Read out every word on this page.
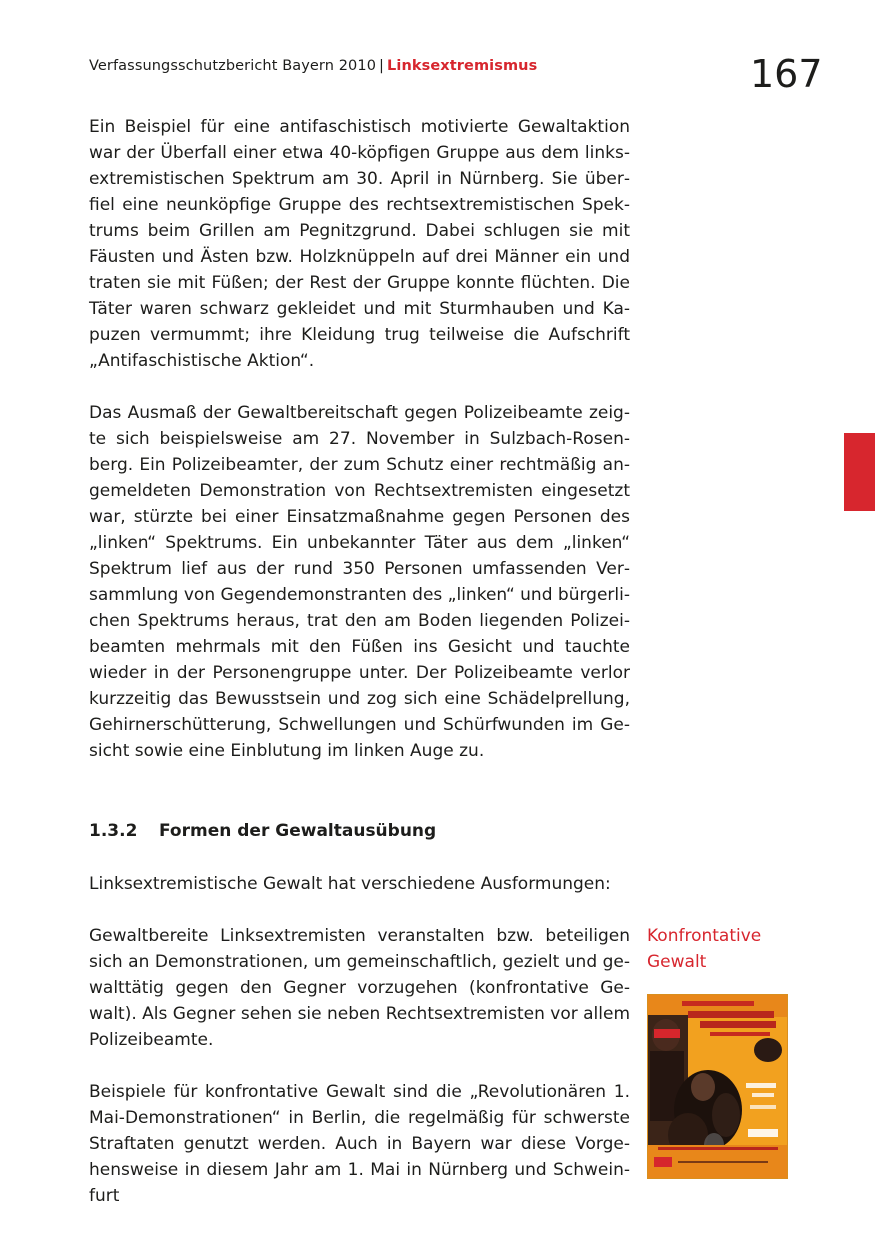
Verfassungsschutzbericht Bayern 2010 | Linksextremismus	167

Ein Beispiel für eine antifaschistisch motivierte Gewaltaktion war der Überfall einer etwa 40-köpfigen Gruppe aus dem linksextremistischen Spektrum am 30. April in Nürnberg. Sie überfiel eine neunköpfige Gruppe des rechtsextremistischen Spektrums beim Grillen am Pegnitzgrund. Dabei schlugen sie mit Fäusten und Ästen bzw. Holzknüppeln auf drei Männer ein und traten sie mit Füßen; der Rest der Gruppe konnte flüchten. Die Täter waren schwarz gekleidet und mit Sturmhauben und Kapuzen vermummt; ihre Kleidung trug teilweise die Aufschrift „Antifaschistische Aktion“.

Das Ausmaß der Gewaltbereitschaft gegen Polizeibeamte zeigte sich beispielsweise am 27. November in Sulzbach-Rosenberg. Ein Polizeibeamter, der zum Schutz einer rechtmäßig angemeldeten Demonstration von Rechtsextremisten eingesetzt war, stürzte bei einer Einsatzmaßnahme gegen Personen des „linken“ Spektrums. Ein unbekannter Täter aus dem „linken“ Spektrum lief aus der rund 350 Personen umfassenden Versammlung von Gegendemonstranten des „linken“ und bürgerlichen Spektrums heraus, trat den am Boden liegenden Polizeibeamten mehrmals mit den Füßen ins Gesicht und tauchte wieder in der Personengruppe unter. Der Polizeibeamte verlor kurzzeitig das Bewusstsein und zog sich eine Schädelprellung, Gehirnerschütterung, Schwellungen und Schürfwunden im Gesicht sowie eine Einblutung im linken Auge zu.

1.3.2 Formen der Gewaltausübung

Linksextremistische Gewalt hat verschiedene Ausformungen:

Gewaltbereite Linksextremisten veranstalten bzw. beteiligen sich an Demonstrationen, um gemeinschaftlich, gezielt und gewalttätig gegen den Gegner vorzugehen (konfrontative Gewalt). Als Gegner sehen sie neben Rechtsextremisten vor allem Polizeibeamte.

Beispiele für konfrontative Gewalt sind die „Revolutionären 1. Mai-Demonstrationen“ in Berlin, die regelmäßig für schwerste Straftaten genutzt werden. Auch in Bayern war diese Vorgehensweise in diesem Jahr am 1. Mai in Nürnberg und Schweinfurt

Konfrontative
Gewalt
